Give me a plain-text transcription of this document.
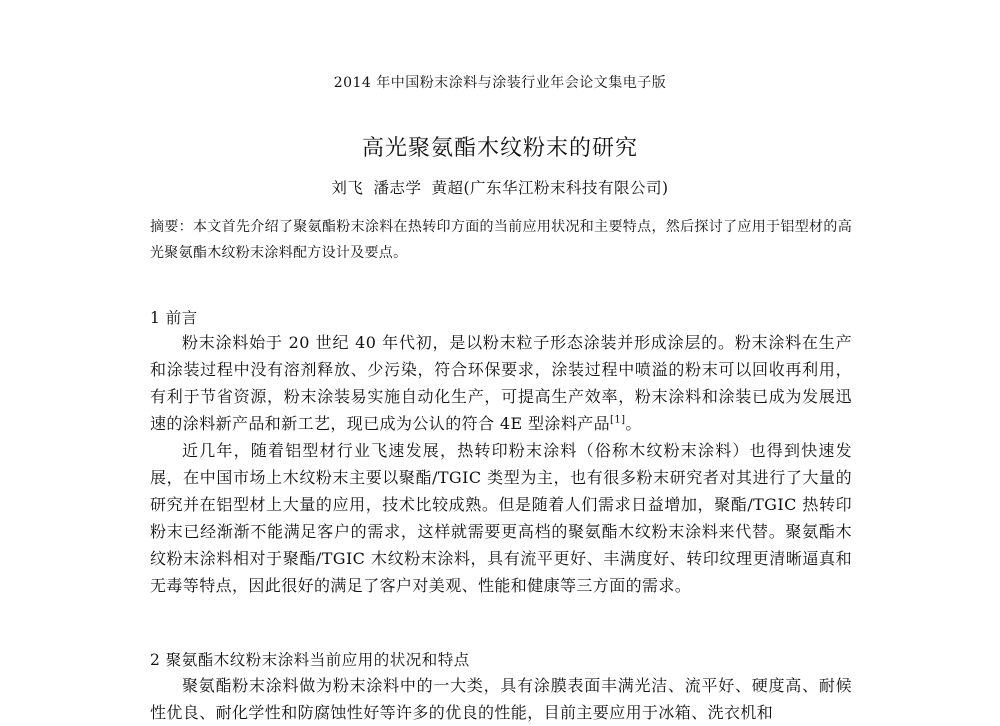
2014 年中国粉末涂料与涂装行业年会论文集电子版
高光聚氨酯木纹粉末的研究
刘飞 潘志学 黄超(广东华江粉末科技有限公司)
摘要：本文首先介绍了聚氨酯粉末涂料在热转印方面的当前应用状况和主要特点，然后探讨了应用于铝型材的高光聚氨酯木纹粉末涂料配方设计及要点。
1 前言

粉末涂料始于 20 世纪 40 年代初，是以粉末粒子形态涂装并形成涂层的。粉末涂料在生产和涂装过程中没有溶剂释放、少污染，符合环保要求，涂装过程中喷溢的粉末可以回收再利用，有利于节省资源，粉末涂装易实施自动化生产，可提高生产效率，粉末涂料和涂装已成为发展迅速的涂料新产品和新工艺，现已成为公认的符合 4E 型涂料产品[1]。

近几年，随着铝型材行业飞速发展，热转印粉末涂料（俗称木纹粉末涂料）也得到快速发展，在中国市场上木纹粉末主要以聚酯/TGIC 类型为主，也有很多粉末研究者对其进行了大量的研究并在铝型材上大量的应用，技术比较成熟。但是随着人们需求日益增加，聚酯/TGIC 热转印粉末已经渐渐不能满足客户的需求，这样就需要更高档的聚氨酯木纹粉末涂料来代替。聚氨酯木纹粉末涂料相对于聚酯/TGIC 木纹粉末涂料，具有流平更好、丰满度好、转印纹理更清晰逼真和无毒等特点，因此很好的满足了客户对美观、性能和健康等三方面的需求。

2 聚氨酯木纹粉末涂料当前应用的状况和特点

聚氨酯粉末涂料做为粉末涂料中的一大类，具有涂膜表面丰满光洁、流平好、硬度高、耐候性优良、耐化学性和防腐蚀性好等许多的优良的性能，目前主要应用于冰箱、洗衣机和
